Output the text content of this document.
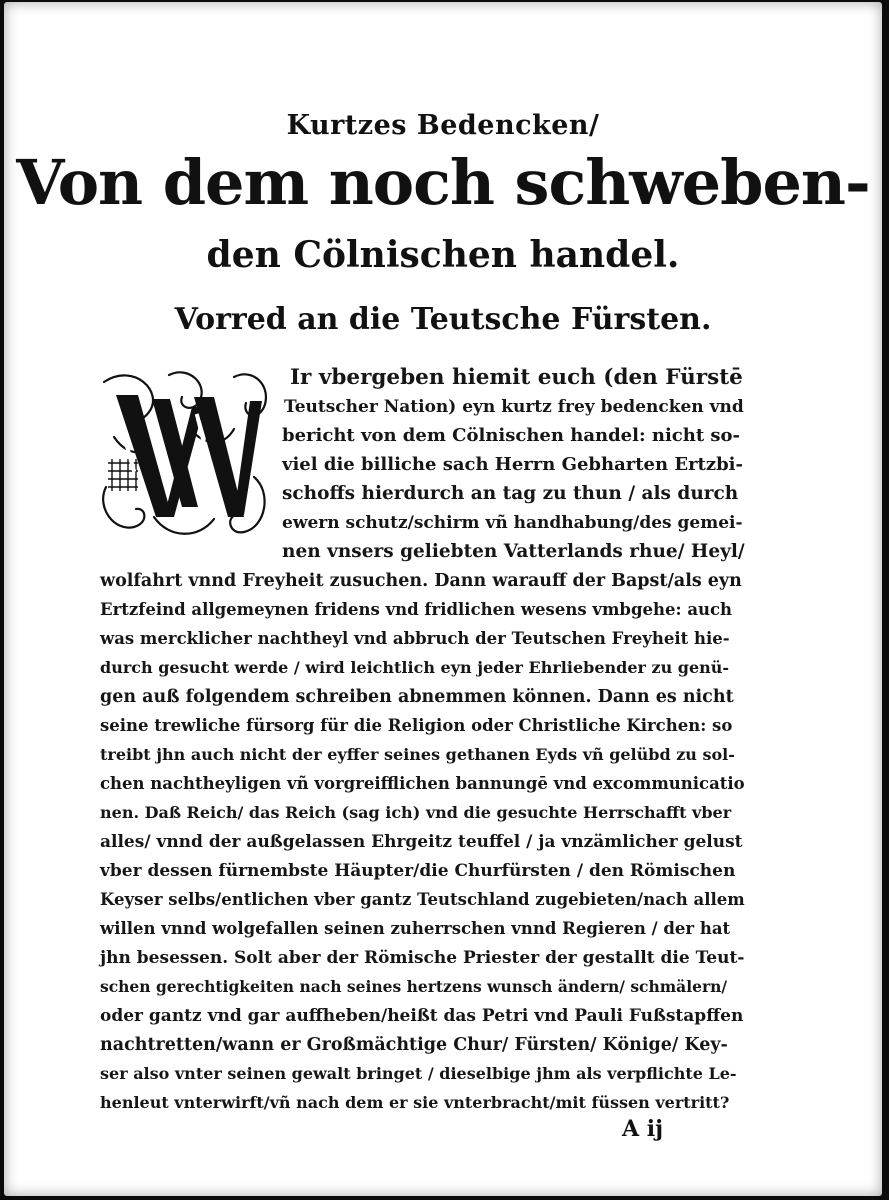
Kurtzes Bedencken/
Von dem noch schweben-
den Cölnischen handel.
Vorred an die Teutsche Fürsten.
Ir vbergeben hiemit euch (den Fürstē
Teutscher Nation) eyn kurtz frey bedencken vnd
bericht von dem Cölnischen handel: nicht so-
viel die billiche sach Herrn Gebharten Ertzbi-
schoffs hierdurch an tag zu thun / als durch
ewern schutz/schirm vñ handhabung/des gemei-
nen vnsers geliebten Vatterlands rhue/ Heyl/
wolfahrt vnnd Freyheit zusuchen. Dann warauff der Bapst/als eyn
Ertzfeind allgemeynen fridens vnd fridlichen wesens vmbgehe: auch
was mercklicher nachtheyl vnd abbruch der Teutschen Freyheit hie-
durch gesucht werde / wird leichtlich eyn jeder Ehrliebender zu genü-
gen auß folgendem schreiben abnemmen können. Dann es nicht
seine trewliche fürsorg für die Religion oder Christliche Kirchen: so
treibt jhn auch nicht der eyffer seines gethanen Eyds vñ gelübd zu sol-
chen nachtheyligen vñ vorgreifflichen bannungē vnd excommunicatio
nen. Daß Reich/ das Reich (sag ich) vnd die gesuchte Herrschafft vber
alles/ vnnd der außgelassen Ehrgeitz teuffel / ja vnzämlicher gelust
vber dessen fürnembste Häupter/die Churfürsten / den Römischen
Keyser selbs/entlichen vber gantz Teutschland zugebieten/nach allem
willen vnnd wolgefallen seinen zuherrschen vnnd Regieren / der hat
jhn besessen. Solt aber der Römische Priester der gestallt die Teut-
schen gerechtigkeiten nach seines hertzens wunsch ändern/ schmälern/
oder gantz vnd gar auffheben/heißt das Petri vnd Pauli Fußstapffen
nachtretten/wann er Großmächtige Chur/ Fürsten/ Könige/ Key-
ser also vnter seinen gewalt bringet / dieselbige jhm als verpflichte Le-
henleut vnterwirft/vñ nach dem er sie vnterbracht/mit füssen vertritt?
A ij
